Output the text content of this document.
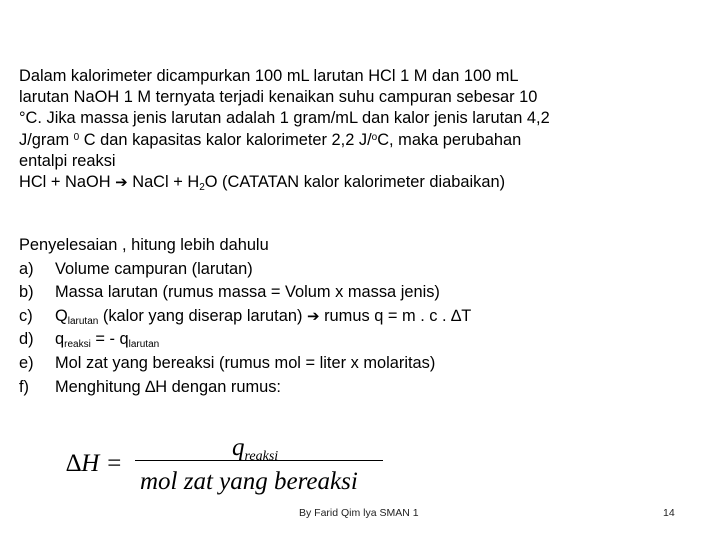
Dalam kalorimeter dicampurkan 100 mL larutan HCl 1 M dan 100 mL

larutan NaOH 1 M ternyata terjadi kenaikan suhu campuran sebesar 10

°C. Jika massa jenis larutan adalah 1 gram/mL dan kalor jenis larutan 4,2

J/gram $^0$ C dan kapasitas kalor kalorimeter 2,2 J/$^o$C, maka perubahan

entalpi reaksi

HCl + NaOH ➔ NaCl + $H_2O$ (CATATAN kalor kalorimeter diabaikan)

Penyelesaian , hitung lebih dahulu

a)	Volume campuran (larutan)
b)	Massa larutan (rumus massa = Volum x massa jenis)
c)	$Q_{larutan}$ (kalor yang diserap larutan) ➔ rumus q = m . c . ∆T
d)	$q_{reaksi}$ = - $q_{larutan}$
e)	Mol zat yang bereaksi (rumus mol = liter x molaritas)
f)	Menghitung ∆H dengan rumus:
∆H =
$q_{reaksi}$
mol zat yang bereaksi
By Farid Qim lya SMAN 1	14
